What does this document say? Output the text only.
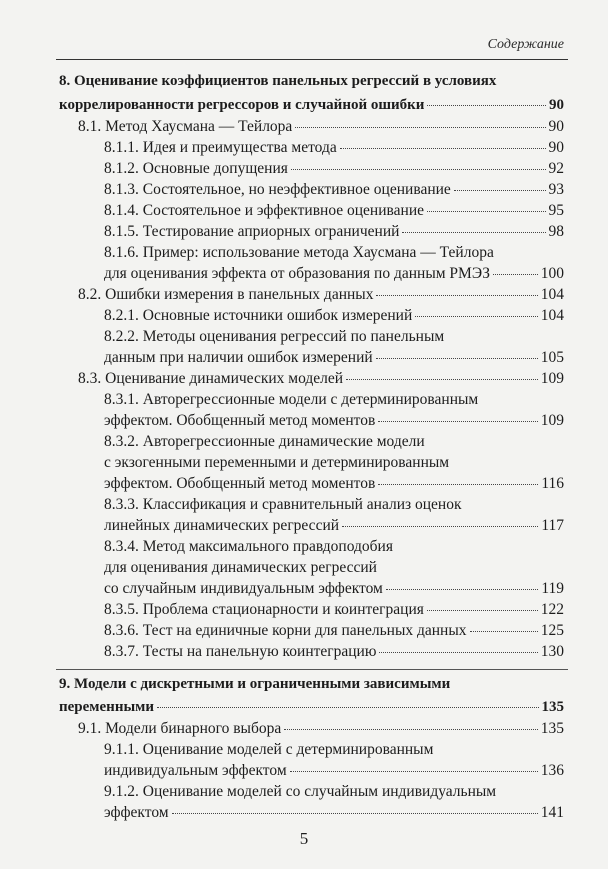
Содержание
8. Оценивание коэффициентов панельных регрессий в условиях
коррелированности регрессоров и случайной ошибки	90
8.1. Метод Хаусмана — Тейлора	90
8.1.1. Идея и преимущества метода	90
8.1.2. Основные допущения	92
8.1.3. Состоятельное, но неэффективное оценивание	93
8.1.4. Состоятельное и эффективное оценивание	95
8.1.5. Тестирование априорных ограничений	98
8.1.6. Пример: использование метода Хаусмана — Тейлора
для оценивания эффекта от образования по данным РМЭЗ	100
8.2. Ошибки измерения в панельных данных	104
8.2.1. Основные источники ошибок измерений	104
8.2.2. Методы оценивания регрессий по панельным
данным при наличии ошибок измерений	105
8.3. Оценивание динамических моделей	109
8.3.1. Авторегрессионные модели с детерминированным
эффектом. Обобщенный метод моментов	109
8.3.2. Авторегрессионные динамические модели
с экзогенными переменными и детерминированным
эффектом. Обобщенный метод моментов	116
8.3.3. Классификация и сравнительный анализ оценок
линейных динамических регрессий	117
8.3.4. Метод максимального правдоподобия
для оценивания динамических регрессий
со случайным индивидуальным эффектом	119
8.3.5. Проблема стационарности и коинтеграция	122
8.3.6. Тест на единичные корни для панельных данных	125
8.3.7. Тесты на панельную коинтеграцию	130
9. Модели с дискретными и ограниченными зависимыми
переменными	135
9.1. Модели бинарного выбора	135
9.1.1. Оценивание моделей с детерминированным
индивидуальным эффектом	136
9.1.2. Оценивание моделей со случайным индивидуальным
эффектом	141
5
